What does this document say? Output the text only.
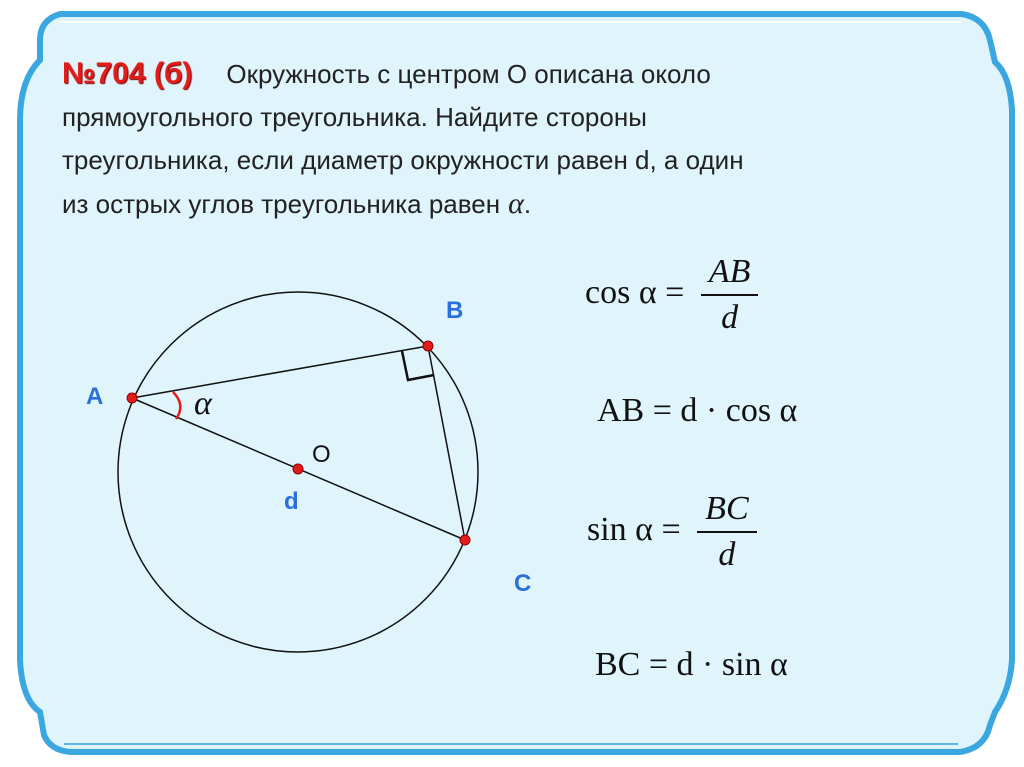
№704 (б) Окружность с центром О описана около
прямоугольного треугольника. Найдите стороны
треугольника, если диаметр окружности равен d, а один
из острых углов треугольника равен α.
A
B
C
O
d
α
$\cos \alpha = \frac{AB}{d}$
AB = d · cos α
$\sin \alpha = \frac{BC}{d}$
BC = d · sin α
